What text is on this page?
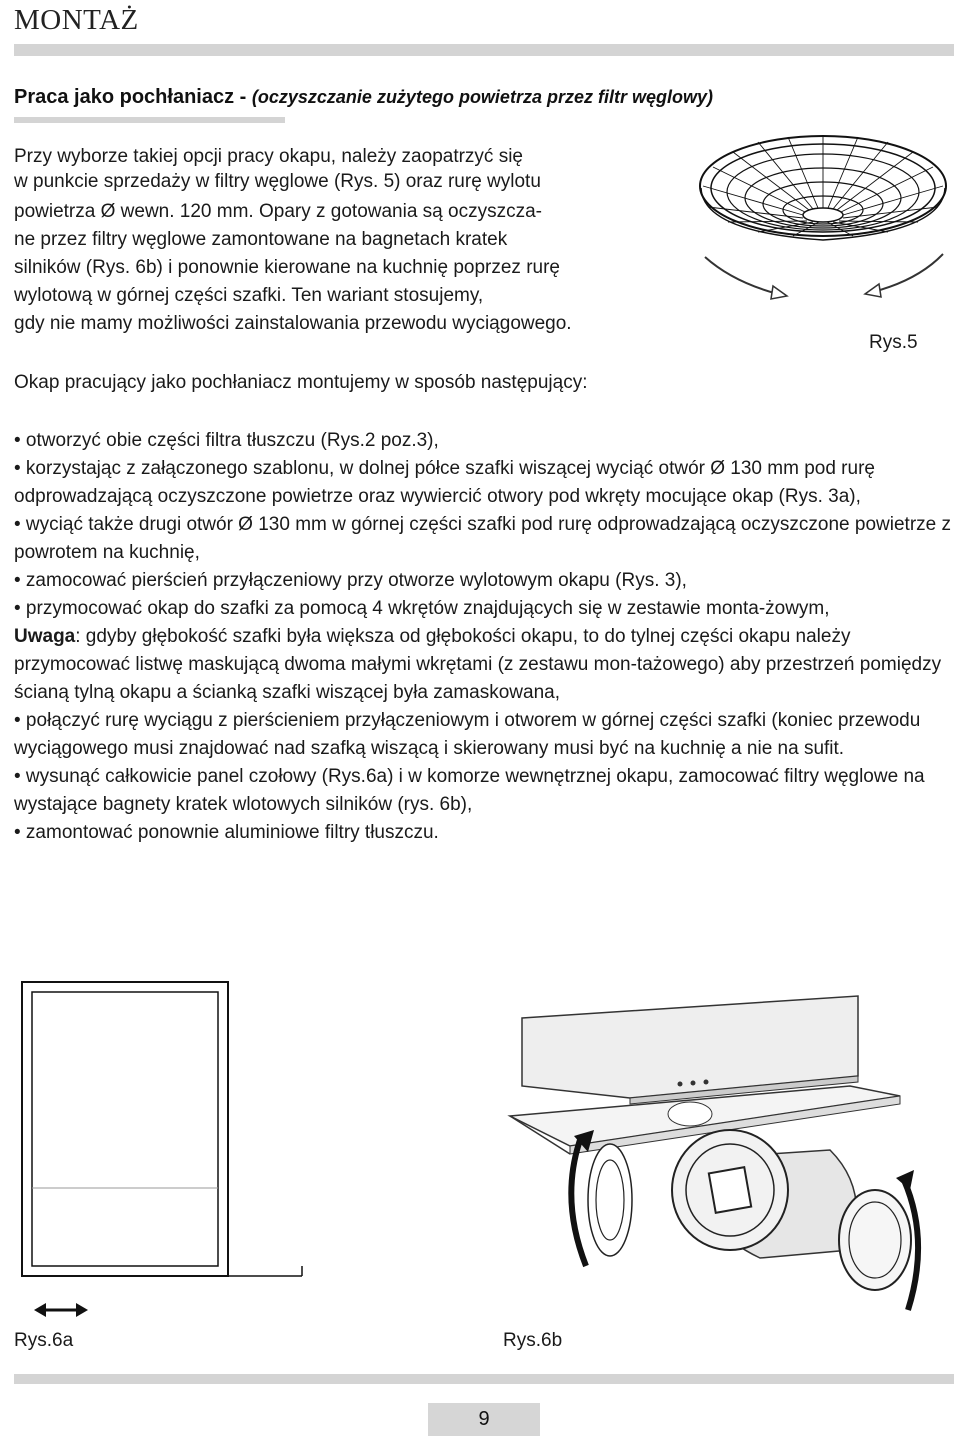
MONTAŻ
Praca jako pochłaniacz - (oczyszczanie zużytego powietrza przez filtr węglowy)
Przy wyborze takiej opcji pracy okapu, należy zaopatrzyć się
w punkcie sprzedaży w filtry węglowe (Rys. 5) oraz rurę wylotu
powietrza Ø wewn. 120 mm. Opary z gotowania są oczyszcza-
ne przez filtry węglowe zamontowane na bagnetach kratek
silników (Rys. 6b) i ponownie kierowane na kuchnię poprzez rurę
wylotową w górnej części szafki. Ten wariant stosujemy,
gdy nie mamy możliwości zainstalowania przewodu wyciągowego.
Okap pracujący jako pochłaniacz montujemy w sposób następujący:
Rys.5

• otworzyć obie części filtra tłuszczu (Rys.2 poz.3),

• korzystając z załączonego szablonu, w dolnej półce szafki wiszącej wyciąć otwór Ø 130 mm pod rurę odprowadzającą oczyszczone powietrze oraz wywiercić otwory pod wkręty mocujące okap (Rys. 3a),

• wyciąć także drugi otwór Ø 130 mm w górnej części szafki pod rurę odprowadzającą oczyszczone powietrze z powrotem na kuchnię,

• zamocować pierścień przyłączeniowy przy otworze wylotowym okapu (Rys. 3),

• przymocować okap do szafki za pomocą 4 wkrętów znajdujących się w zestawie monta-żowym,

Uwaga: gdyby głębokość szafki była większa od głębokości okapu, to do tylnej części okapu należy przymocować listwę maskującą dwoma małymi wkrętami (z zestawu mon-tażowego) aby przestrzeń pomiędzy ścianą tylną okapu a ścianką szafki wiszącej była zamaskowana,

• połączyć rurę wyciągu z pierścieniem przyłączeniowym i otworem w górnej części szafki (koniec przewodu wyciągowego musi znajdować nad szafką wiszącą i skierowany musi być na kuchnię a nie na sufit.

• wysunąć całkowicie panel czołowy (Rys.6a) i w komorze wewnętrznej okapu, zamocować filtry węglowe na wystające bagnety kratek wlotowych silników (rys. 6b),

• zamontować ponownie aluminiowe filtry tłuszczu.

Rys.6a	Rys.6b
9
